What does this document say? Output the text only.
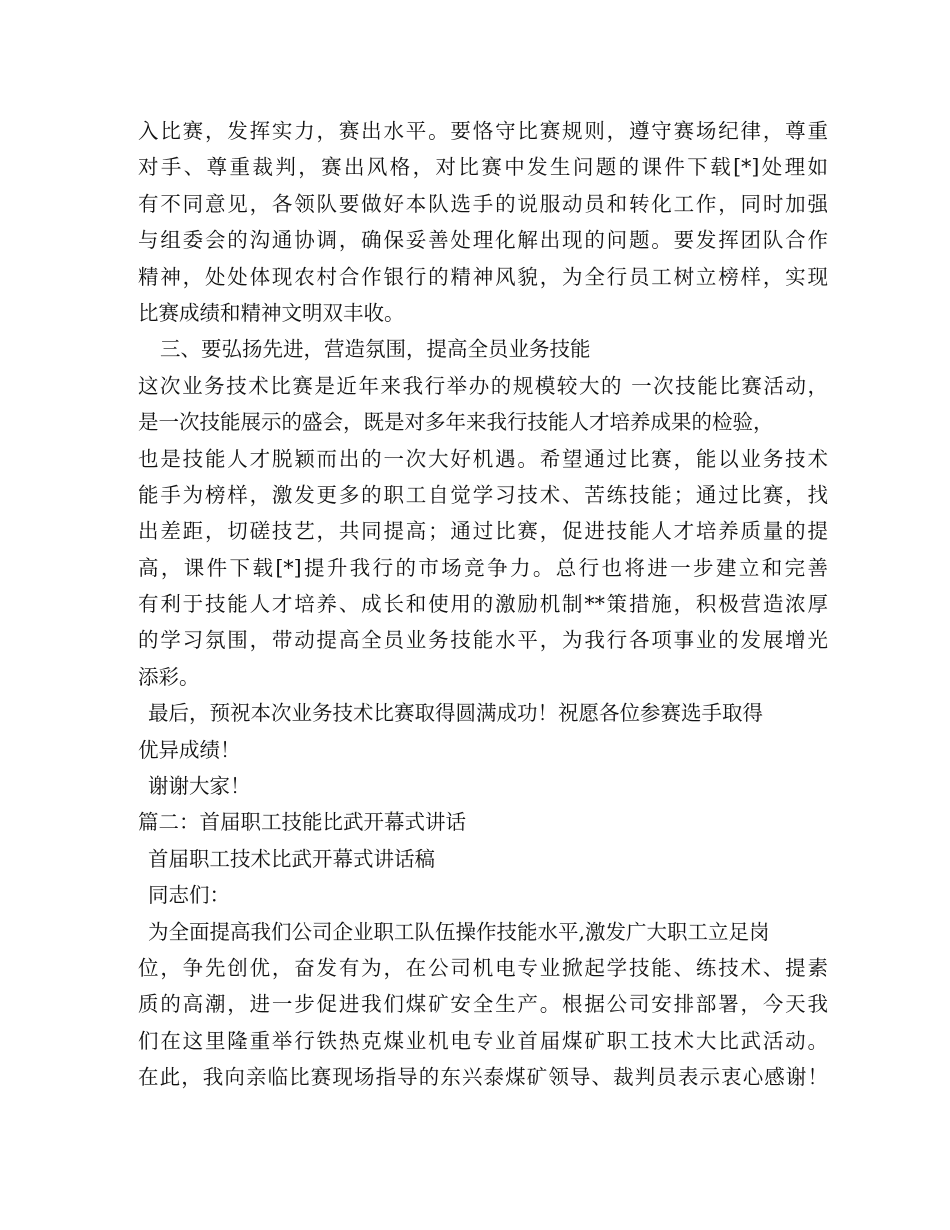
入比赛，发挥实力，赛出水平。要恪守比赛规则，遵守赛场纪律，尊重
对手、尊重裁判，赛出风格，对比赛中发生问题的课件下载[*]处理如
有不同意见，各领队要做好本队选手的说服动员和转化工作，同时加强
与组委会的沟通协调，确保妥善处理化解出现的问题。要发挥团队合作
精神，处处体现农村合作银行的精神风貌，为全行员工树立榜样，实现
比赛成绩和精神文明双丰收。
三、要弘扬先进，营造氛围，提高全员业务技能
这次业务技术比赛是近年来我行举办的规模较大的 一次技能比赛活动，
是一次技能展示的盛会，既是对多年来我行技能人才培养成果的检验，
也是技能人才脱颖而出的一次大好机遇。希望通过比赛，能以业务技术
能手为榜样，激发更多的职工自觉学习技术、苦练技能；通过比赛，找
出差距，切磋技艺，共同提高；通过比赛，促进技能人才培养质量的提
高，课件下载[*]提升我行的市场竞争力。总行也将进一步建立和完善
有利于技能人才培养、成长和使用的激励机制**策措施，积极营造浓厚
的学习氛围，带动提高全员业务技能水平，为我行各项事业的发展增光
添彩。
最后，预祝本次业务技术比赛取得圆满成功！祝愿各位参赛选手取得
优异成绩！
谢谢大家！
篇二：首届职工技能比武开幕式讲话
首届职工技术比武开幕式讲话稿
同志们：
为全面提高我们公司企业职工队伍操作技能水平,激发广大职工立足岗
位，争先创优，奋发有为，在公司机电专业掀起学技能、练技术、提素
质的高潮，进一步促进我们煤矿安全生产。根据公司安排部署，今天我
们在这里隆重举行铁热克煤业机电专业首届煤矿职工技术大比武活动。
在此，我向亲临比赛现场指导的东兴泰煤矿领导、裁判员表示衷心感谢！
